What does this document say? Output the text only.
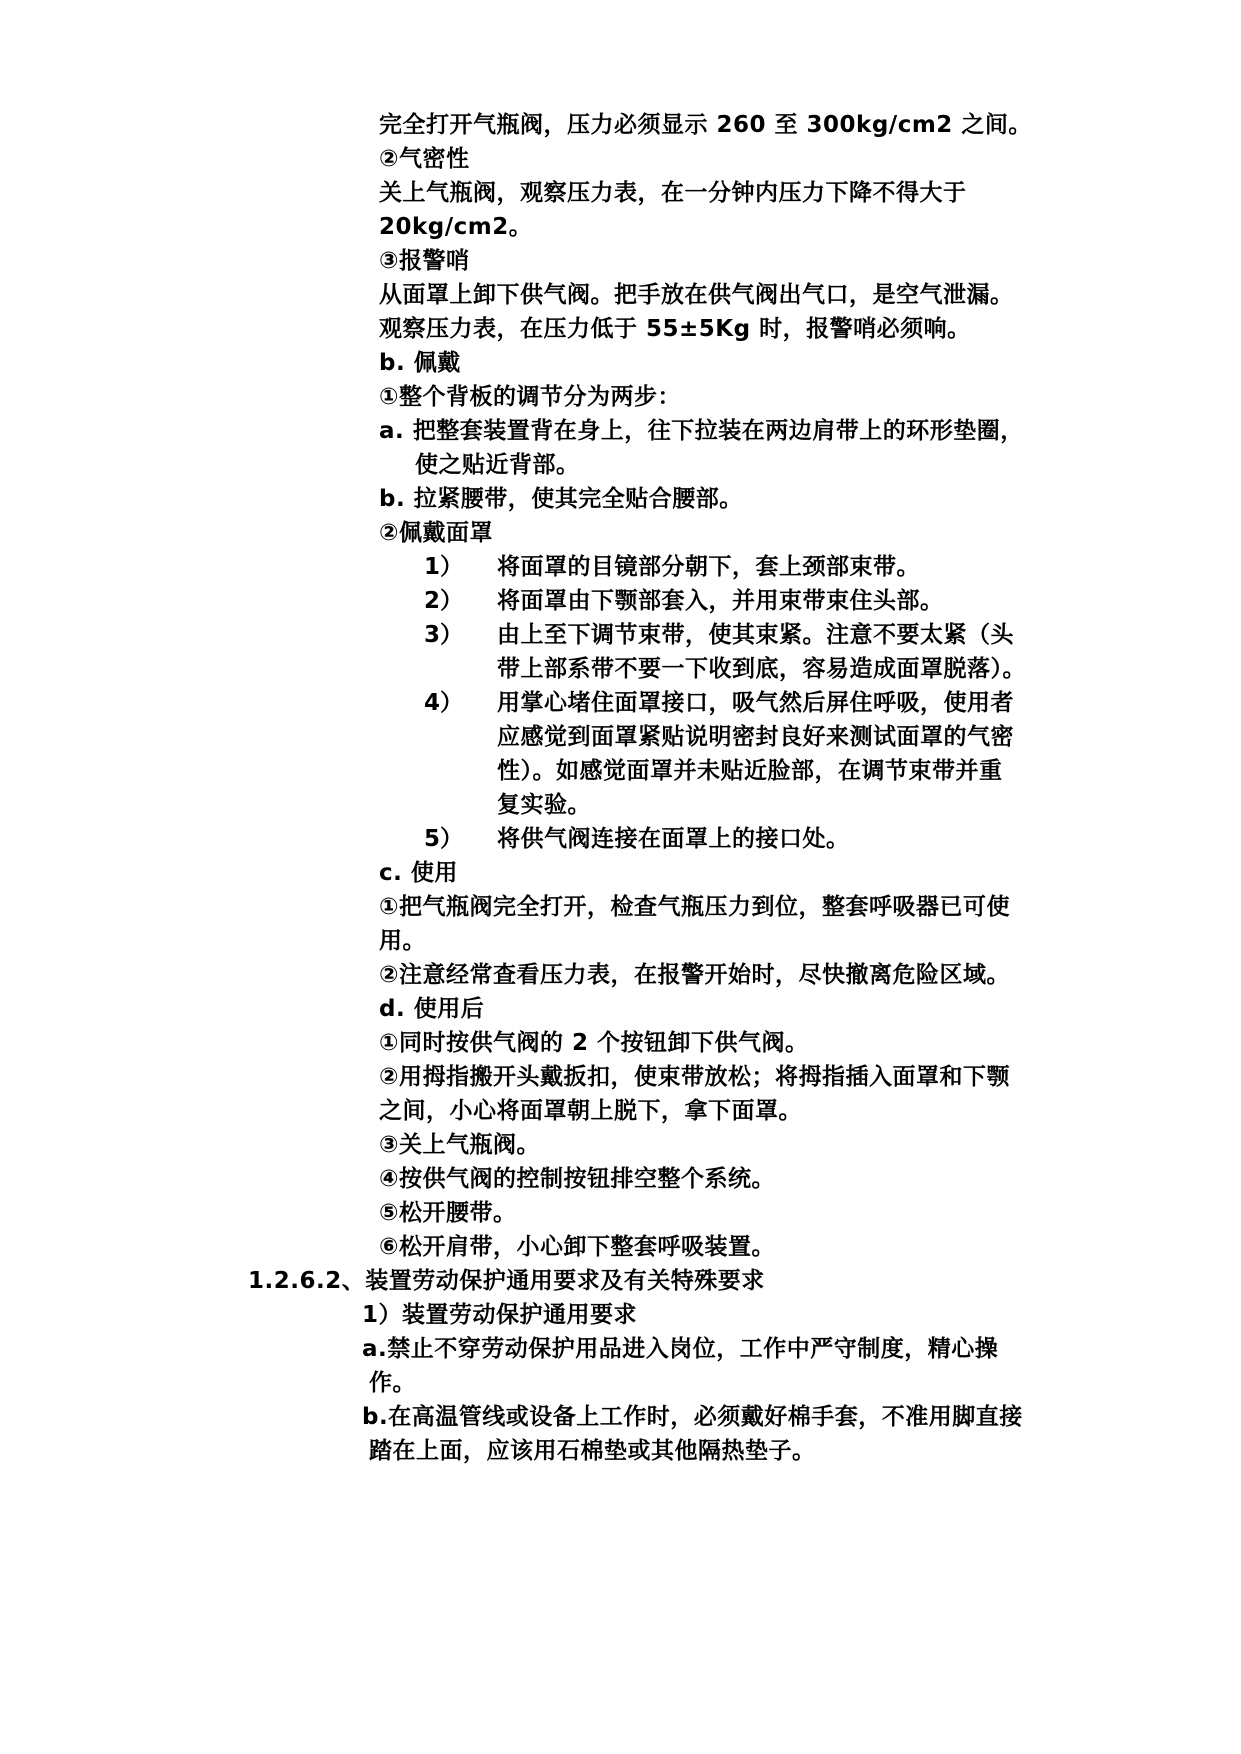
完全打开气瓶阀，压力必须显示 260 至 300kg/cm2 之间。
②气密性
关上气瓶阀，观察压力表，在一分钟内压力下降不得大于
20kg/cm2。
③报警哨
从面罩上卸下供气阀。把手放在供气阀出气口，是空气泄漏。
观察压力表，在压力低于 55±5Kg 时，报警哨必须响。
b. 佩戴
①整个背板的调节分为两步：
a. 把整套装置背在身上，往下拉装在两边肩带上的环形垫圈，
使之贴近背部。
b. 拉紧腰带，使其完全贴合腰部。
②佩戴面罩
1） 将面罩的目镜部分朝下，套上颈部束带。
2） 将面罩由下颚部套入，并用束带束住头部。
3） 由上至下调节束带，使其束紧。注意不要太紧（头
带上部系带不要一下收到底，容易造成面罩脱落）。
4） 用掌心堵住面罩接口，吸气然后屏住呼吸，使用者
应感觉到面罩紧贴说明密封良好来测试面罩的气密
性）。如感觉面罩并未贴近脸部，在调节束带并重
复实验。
5） 将供气阀连接在面罩上的接口处。
c. 使用
①把气瓶阀完全打开，检查气瓶压力到位，整套呼吸器已可使
用。
②注意经常查看压力表，在报警开始时，尽快撤离危险区域。
d. 使用后
①同时按供气阀的 2 个按钮卸下供气阀。
②用拇指搬开头戴扳扣，使束带放松；将拇指插入面罩和下颚
之间，小心将面罩朝上脱下，拿下面罩。
③关上气瓶阀。
④按供气阀的控制按钮排空整个系统。
⑤松开腰带。
⑥松开肩带，小心卸下整套呼吸装置。
1.2.6.2、装置劳动保护通用要求及有关特殊要求
1）装置劳动保护通用要求
a.禁止不穿劳动保护用品进入岗位，工作中严守制度，精心操
作。
b.在高温管线或设备上工作时，必须戴好棉手套，不准用脚直接
踏在上面，应该用石棉垫或其他隔热垫子。
